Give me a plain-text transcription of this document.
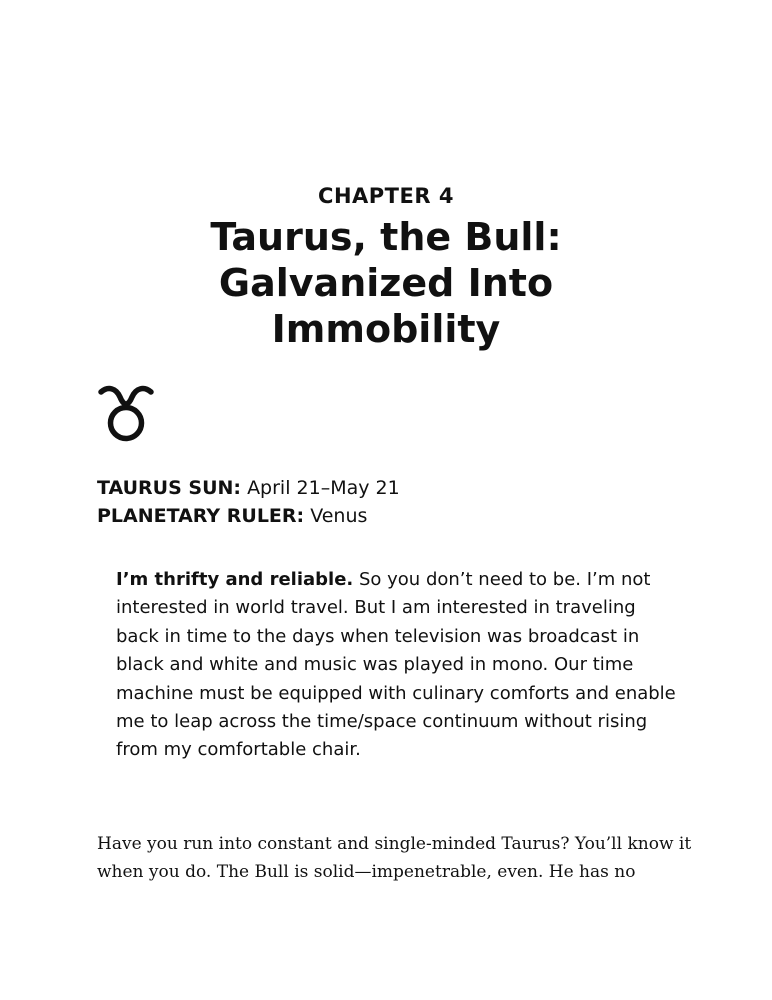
CHAPTER 4
Taurus, the Bull: Galvanized Into Immobility
TAURUS SUN: April 21–May 21
PLANETARY RULER: Venus

I’m thrifty and reliable. So you don’t need to be. I’m not interested in world travel. But I am interested in traveling back in time to the days when television was broadcast in black and white and music was played in mono. Our time machine must be equipped with culinary comforts and enable me to leap across the time/space continuum without rising from my comfortable chair.

Have you run into constant and single-minded Taurus? You’ll know it when you do. The Bull is solid—impenetrable, even. He has no
